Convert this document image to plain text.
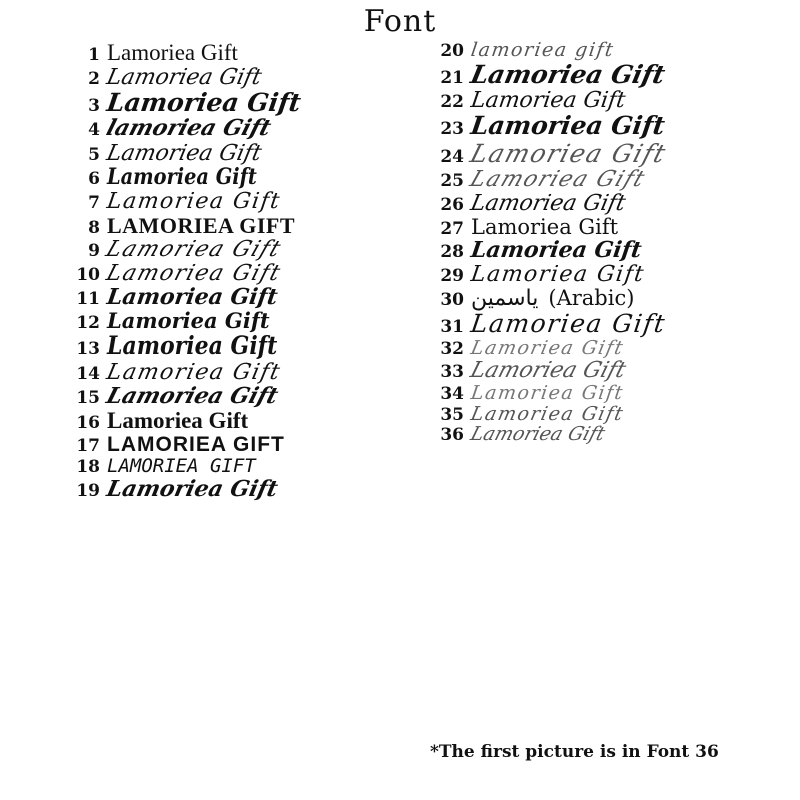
Font
1 Lamoriea Gift
2 Lamoriea Gift
3 Lamoriea Gift
4 lamoriea Gift
5 Lamoriea Gift
6 Lamoriea Gift
7 Lamoriea Gift
8 LAMORIEA GIFT
9 Lamoriea Gift
10 Lamoriea Gift
11 Lamoriea Gift
12 Lamoriea Gift
13 Lamoriea Gift
14 Lamoriea Gift
15 Lamoriea Gift
16 Lamoriea Gift
17 LAMORIEA GIFT
18 LAMORIEA GIFT
19 Lamoriea Gift
20 lamoriea gift
21 Lamoriea Gift
22 Lamoriea Gift
23 Lamoriea Gift
24 Lamoriea Gift
25 Lamoriea Gift
26 Lamoriea Gift
27 Lamoriea Gift
28 Lamoriea Gift
29 Lamoriea Gift
30 ياسمين (Arabic)
31 Lamoriea Gift
32 Lamoriea Gift
33 Lamoriea Gift
34 Lamoriea Gift
35 Lamoriea Gift
36 Lamoriea Gift
*The first picture is in Font 36
